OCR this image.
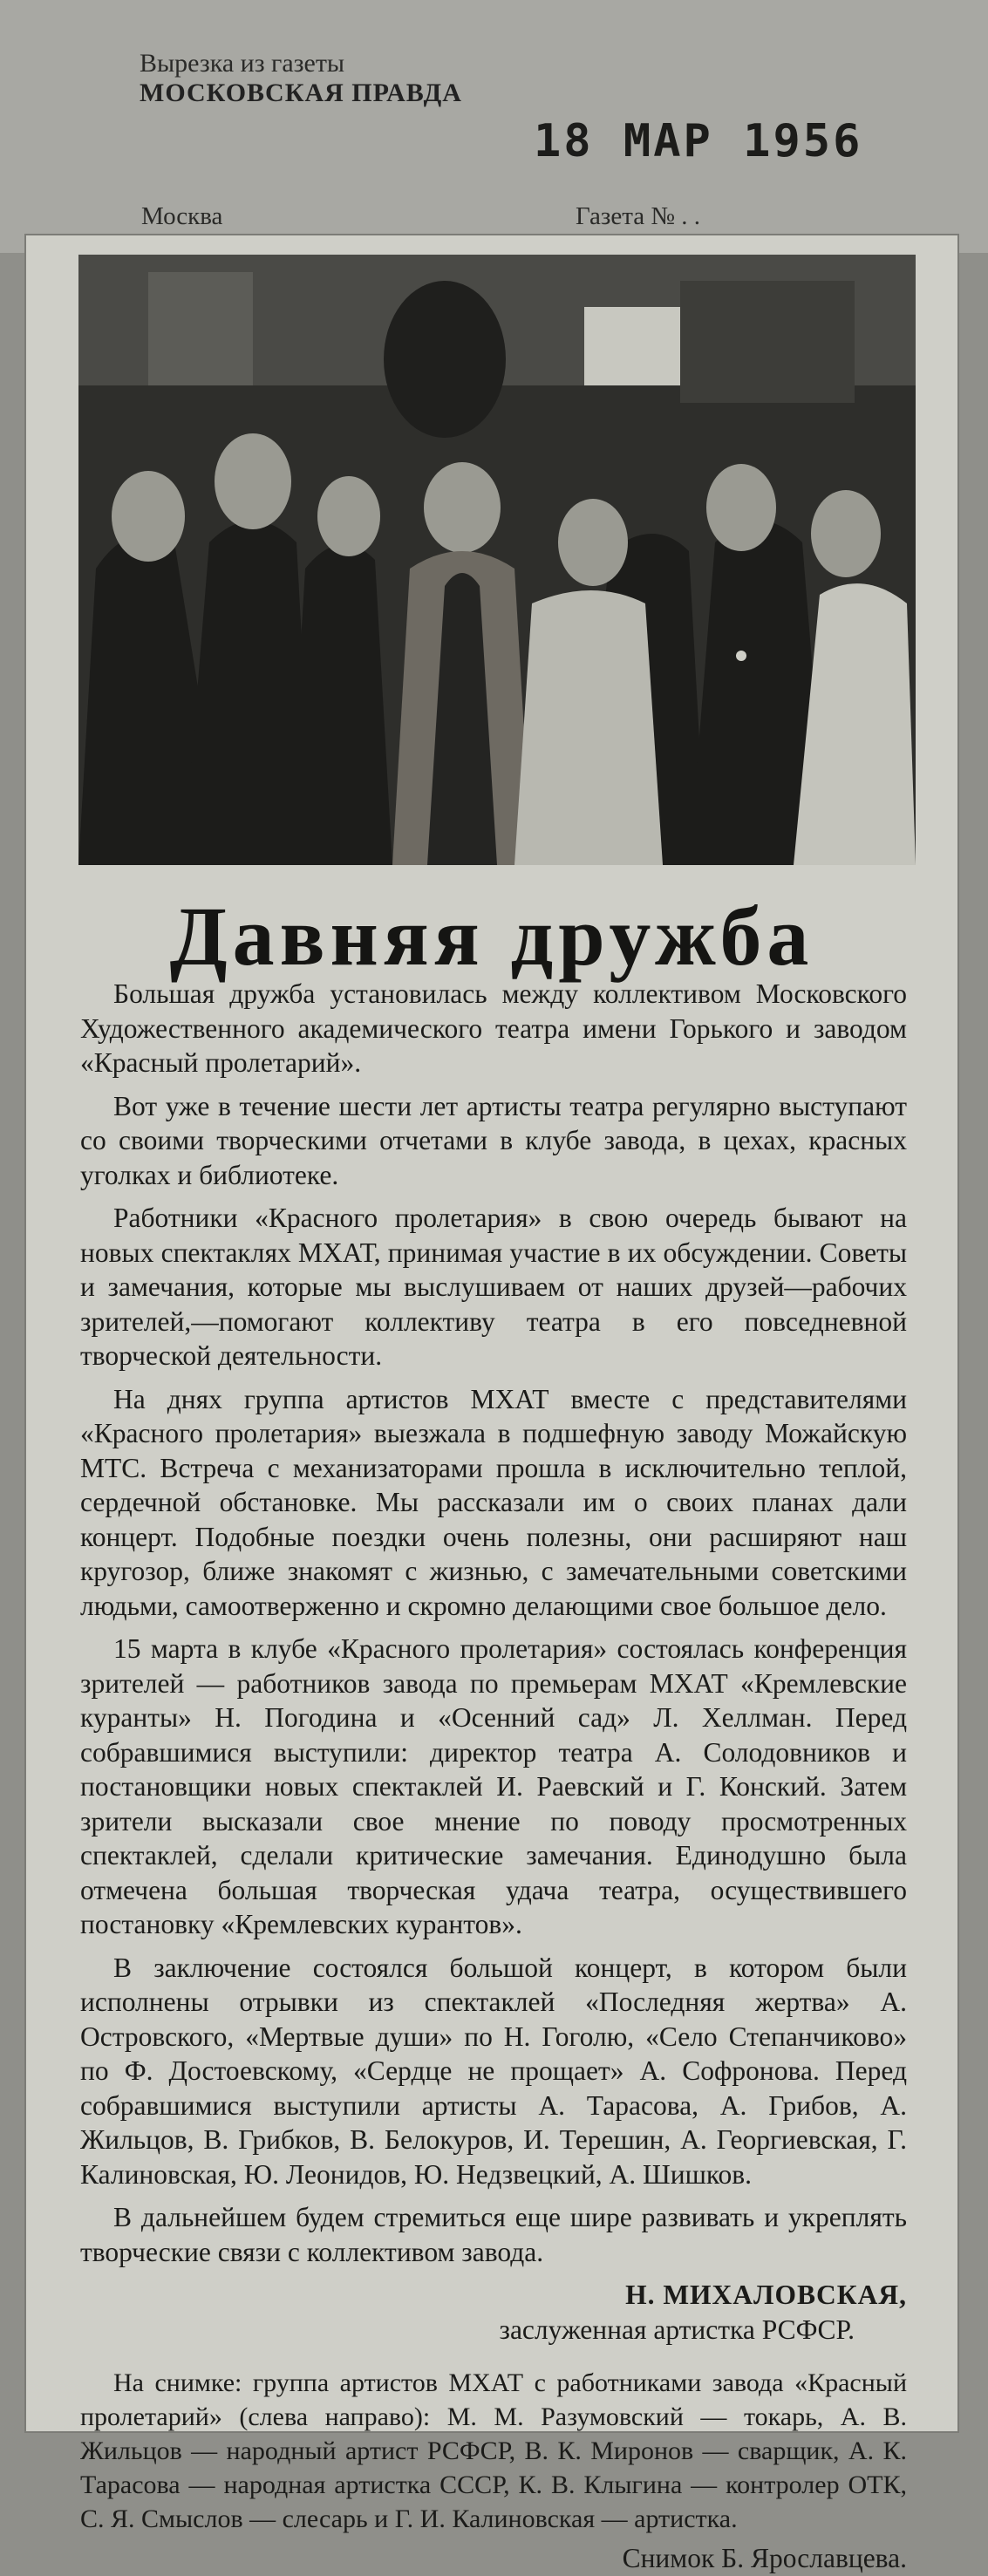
Вырезка из газеты
МОСКОВСКАЯ ПРАВДА
18 МАР 1956
Москва	Газета № . .
Давняя дружба

Большая дружба установилась между коллективом Московского Художественного академического театра имени Горького и заводом «Красный пролетарий».

Вот уже в течение шести лет артисты театра регулярно выступают со своими творческими отчетами в клубе завода, в цехах, красных уголках и библиотеке.

Работники «Красного пролетария» в свою очередь бывают на новых спектаклях МХАТ, принимая участие в их обсуждении. Советы и замечания, которые мы выслушиваем от наших друзей—рабочих зрителей,—помогают коллективу театра в его повседневной творческой деятельности.

На днях группа артистов МХАТ вместе с представителями «Красного пролетария» выезжала в подшефную заводу Можайскую МТС. Встреча с механизаторами прошла в исключительно теплой, сердечной обстановке. Мы рассказали им о своих планах дали концерт. Подобные поездки очень полезны, они расширяют наш кругозор, ближе знакомят с жизнью, с замечательными советскими людьми, самоотверженно и скромно делающими свое большое дело.

15 марта в клубе «Красного пролетария» состоялась конференция зрителей — работников завода по премьерам МХАТ «Кремлевские куранты» Н. Погодина и «Осенний сад» Л. Хеллман. Перед собравшимися выступили: директор театра А. Солодовников и постановщики новых спектаклей И. Раевский и Г. Конский. Затем зрители высказали свое мнение по поводу просмотренных спектаклей, сделали критические замечания. Единодушно была отмечена большая творческая удача театра, осуществившего постановку «Кремлевских курантов».

В заключение состоялся большой концерт, в котором были исполнены отрывки из спектаклей «Последняя жертва» А. Островского, «Мертвые души» по Н. Гоголю, «Село Степанчиково» по Ф. Достоевскому, «Сердце не прощает» А. Софронова. Перед собравшимися выступили артисты А. Тарасова, А. Грибов, А. Жильцов, В. Грибков, В. Белокуров, И. Терешин, А. Георгиевская, Г. Калиновская, Ю. Леонидов, Ю. Недзвецкий, А. Шишков.

В дальнейшем будем стремиться еще шире развивать и укреплять творческие связи с коллективом завода.

Н. МИХАЛОВСКАЯ,
заслуженная артистка РСФСР.
На снимке: группа артистов МХАТ с работниками завода «Красный пролетарий» (слева направо): М. М. Разумовский — токарь, А. В. Жильцов — народный артист РСФСР, В. К. Миронов — сварщик, А. К. Тарасова — народная артистка СССР, К. В. Клыгина — контролер ОТК, С. Я. Смыслов — слесарь и Г. И. Калиновская — артистка.
Снимок Б. Ярославцева.
